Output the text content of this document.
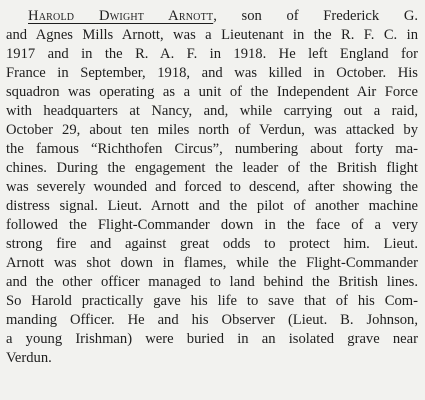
Harold Dwight Arnott, son of Frederick G.
and Agnes Mills Arnott, was a Lieutenant in the R. F. C. in
1917 and in the R. A. F. in 1918. He left England for
France in September, 1918, and was killed in October. His
squadron was operating as a unit of the Independent Air Force
with headquarters at Nancy, and, while carrying out a raid,
October 29, about ten miles north of Verdun, was attacked by
the famous “Richthofen Circus”, numbering about forty ma-
chines. During the engagement the leader of the British flight
was severely wounded and forced to descend, after showing the
distress signal. Lieut. Arnott and the pilot of another machine
followed the Flight-Commander down in the face of a very
strong fire and against great odds to protect him. Lieut.
Arnott was shot down in flames, while the Flight-Commander
and the other officer managed to land behind the British lines.
So Harold practically gave his life to save that of his Com-
manding Officer. He and his Observer (Lieut. B. Johnson,
a young Irishman) were buried in an isolated grave near
Verdun.
